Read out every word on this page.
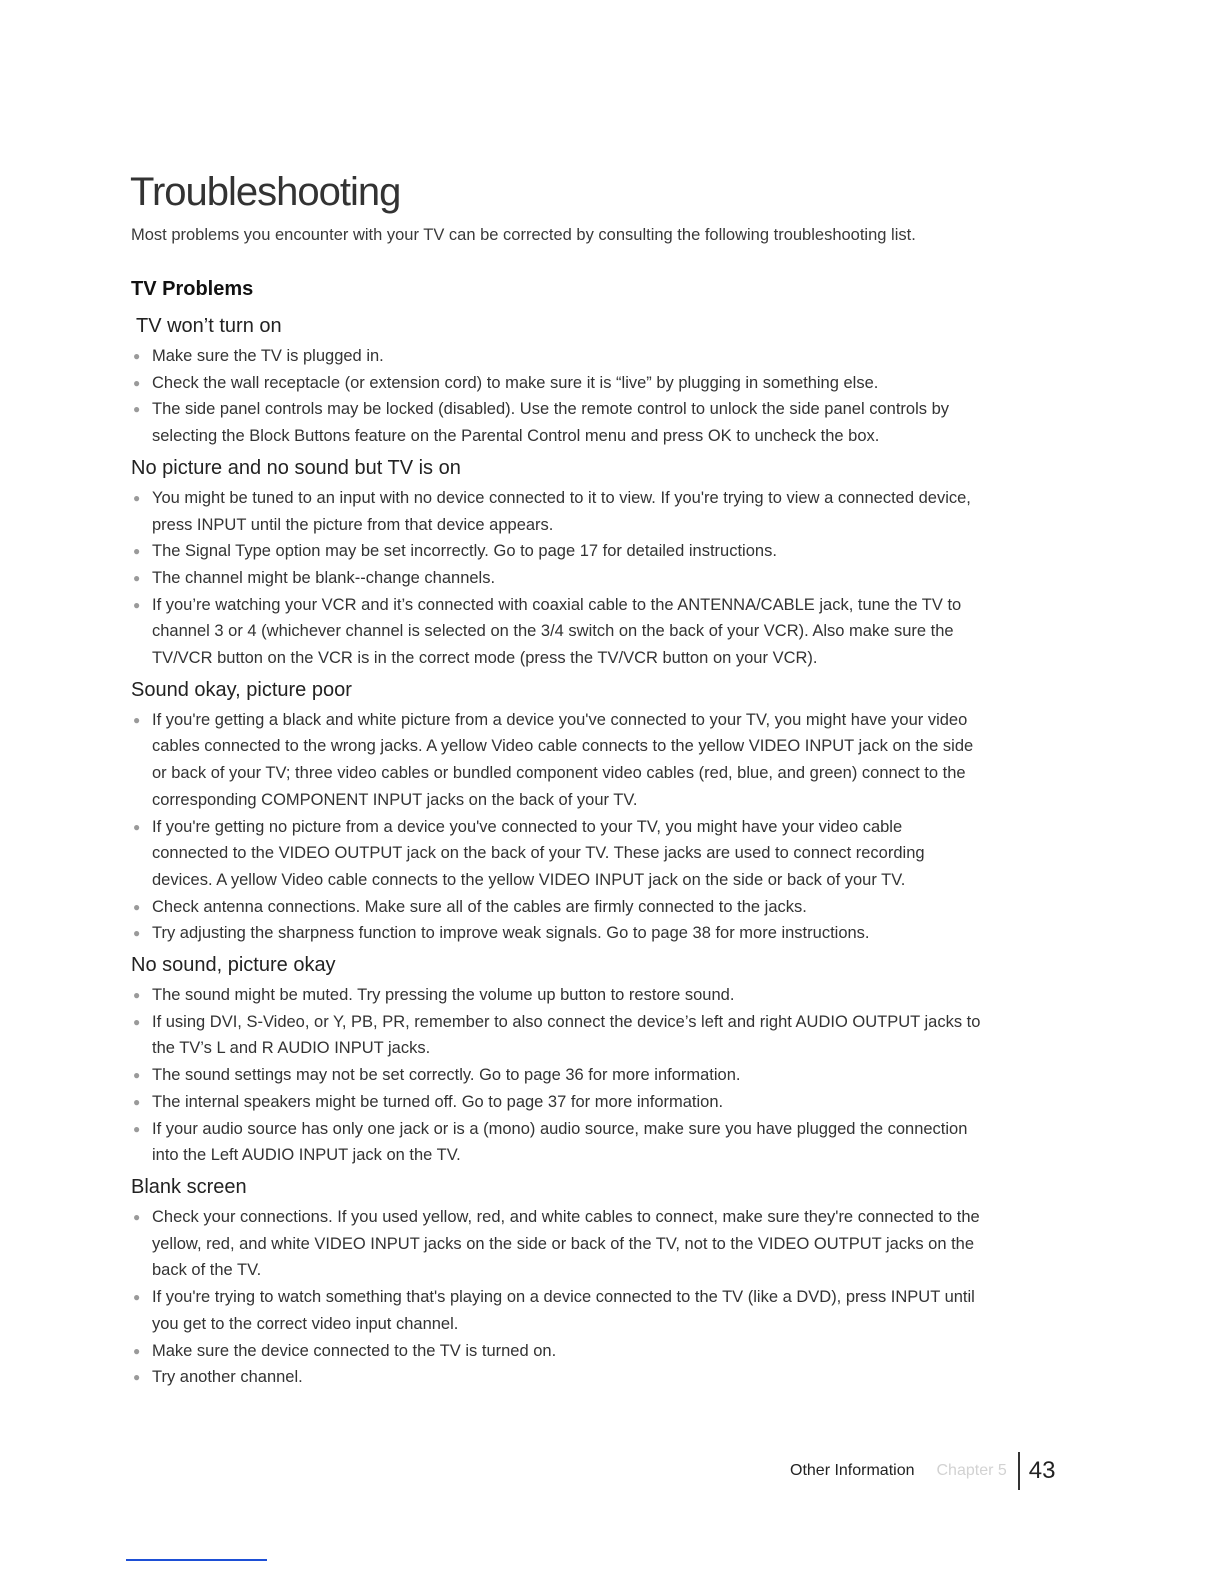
Troubleshooting

Most problems you encounter with your TV can be corrected by consulting the following troubleshooting list.

TV Problems
TV won’t turn on
● Make sure the TV is plugged in.
● Check the wall receptacle (or extension cord) to make sure it is “live” by plugging in something else.
● The side panel controls may be locked (disabled). Use the remote control to unlock the side panel controls by selecting the Block Buttons feature on the Parental Control menu and press OK to uncheck the box.
No picture and no sound but TV is on
● You might be tuned to an input with no device connected to it to view. If you're trying to view a connected device, press INPUT until the picture from that device appears.
● The Signal Type option may be set incorrectly. Go to page 17 for detailed instructions.
● The channel might be blank--change channels.
● If you’re watching your VCR and it’s connected with coaxial cable to the ANTENNA/CABLE jack, tune the TV to channel 3 or 4 (whichever channel is selected on the 3/4 switch on the back of your VCR). Also make sure the TV/VCR button on the VCR is in the correct mode (press the TV/VCR button on your VCR).
Sound okay, picture poor
● If you're getting a black and white picture from a device you've connected to your TV, you might have your video cables connected to the wrong jacks. A yellow Video cable connects to the yellow VIDEO INPUT jack on the side or back of your TV; three video cables or bundled component video cables (red, blue, and green) connect to the corresponding COMPONENT INPUT jacks on the back of your TV.
● If you're getting no picture from a device you've connected to your TV, you might have your video cable connected to the VIDEO OUTPUT jack on the back of your TV. These jacks are used to connect recording devices. A yellow Video cable connects to the yellow VIDEO INPUT jack on the side or back of your TV.
● Check antenna connections. Make sure all of the cables are firmly connected to the jacks.
● Try adjusting the sharpness function to improve weak signals. Go to page 38 for more instructions.
No sound, picture okay
● The sound might be muted. Try pressing the volume up button to restore sound.
● If using DVI, S-Video, or Y, PB, PR, remember to also connect the device’s left and right AUDIO OUTPUT jacks to the TV’s L and R AUDIO INPUT jacks.
● The sound settings may not be set correctly. Go to page 36 for more information.
● The internal speakers might be turned off. Go to page 37 for more information.
● If your audio source has only one jack or is a (mono) audio source, make sure you have plugged the connection into the Left AUDIO INPUT jack on the TV.
Blank screen
● Check your connections. If you used yellow, red, and white cables to connect, make sure they're connected to the yellow, red, and white VIDEO INPUT jacks on the side or back of the TV, not to the VIDEO OUTPUT jacks on the back of the TV.
● If you're trying to watch something that's playing on a device connected to the TV (like a DVD), press INPUT until you get to the correct video input channel.
● Make sure the device connected to the TV is turned on.
● Try another channel.
Other Information Chapter 5 43
